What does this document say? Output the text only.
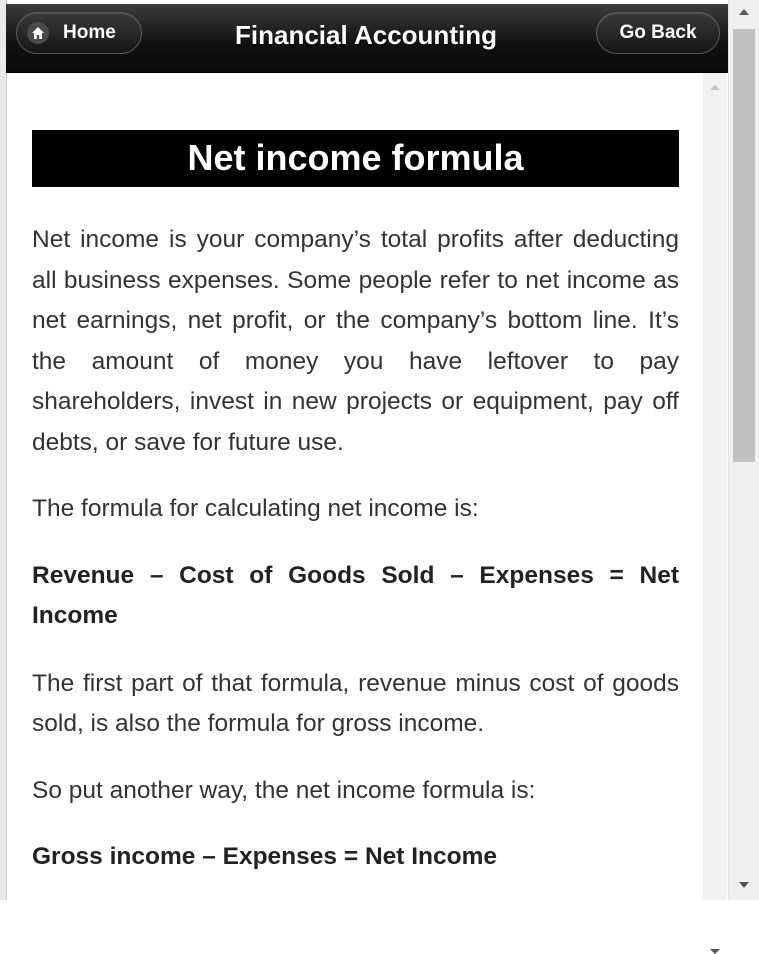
Home	Financial Accounting	Go Back
Net income formula

Net income is your company’s total profits after deducting all business expenses. Some people refer to net income as net earnings, net profit, or the company’s bottom line. It’s the amount of money you have leftover to pay shareholders, invest in new projects or equipment, pay off debts, or save for future use.

The formula for calculating net income is:

Revenue – Cost of Goods Sold – Expenses = Net Income

The first part of that formula, revenue minus cost of goods sold, is also the formula for gross income.

So put another way, the net income formula is:

Gross income – Expenses = Net Income
